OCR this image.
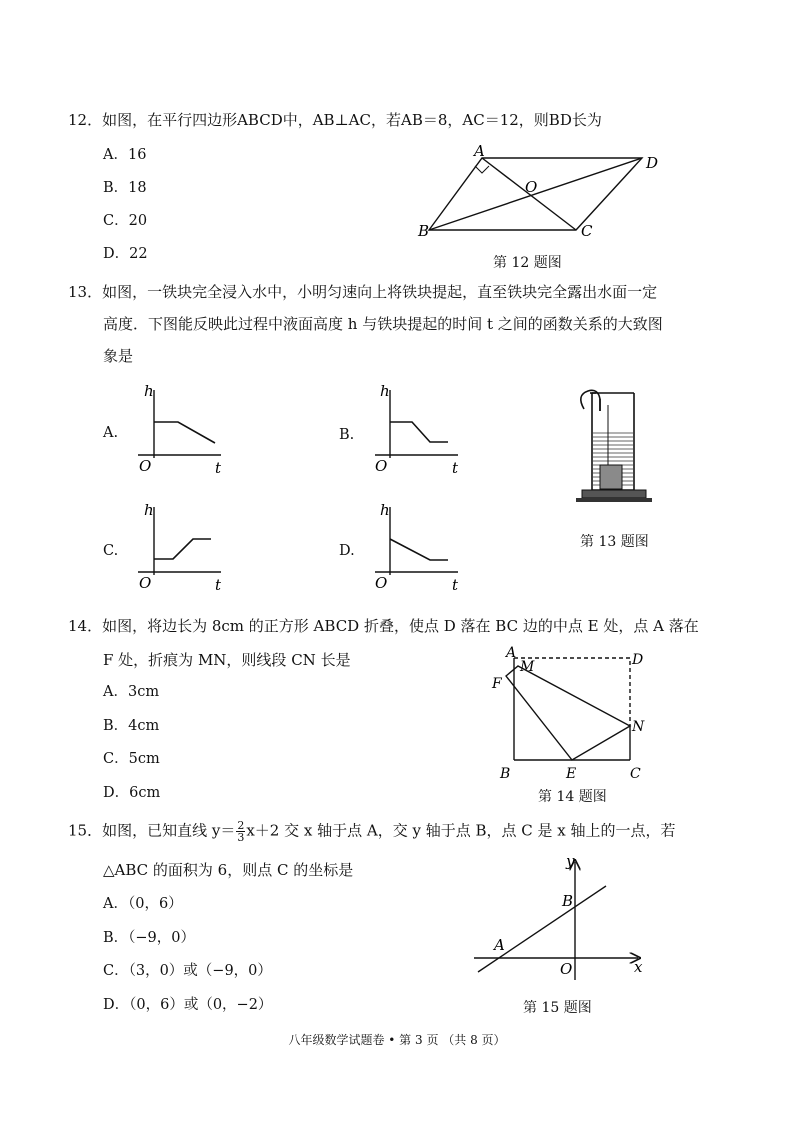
12．如图，在平行四边形ABCD中，AB⊥AC，若AB＝8，AC＝12，则BD长为
A．16
B．18
C．20
D．22
A
D
O
B	C
第 12 题图
13．如图，一铁块完全浸入水中，小明匀速向上将铁块提起，直至铁块完全露出水面一定
高度．下图能反映此过程中液面高度 h 与铁块提起的时间 t 之间的函数关系的大致图
象是
A.	B.
C.	D.
h
O	t
h
O	t
h
O	t
h
O	t
第 13 题图
14．如图，将边长为 8cm 的正方形 ABCD 折叠，使点 D 落在 BC 边的中点 E 处，点 A 落在
F 处，折痕为 MN，则线段 CN 长是
A．3cm
B．4cm
C．5cm
D．6cm
A
M	D
F
N
B	E	C
第 14 题图
15．如图，已知直线 $y= \frac{2}{3} x+2$ 交 x 轴于点 A，交 y 轴于点 B，点 C 是 x 轴上的一点，若
△ABC 的面积为 6，则点 C 的坐标是
A．（0，6）
B．（−9，0）
C．（3，0）或（−9，0）
D．（0，6）或（0，−2）
y
x
B
A
O
第 15 题图
八年级数学试题卷 • 第 3 页 （共 8 页）
